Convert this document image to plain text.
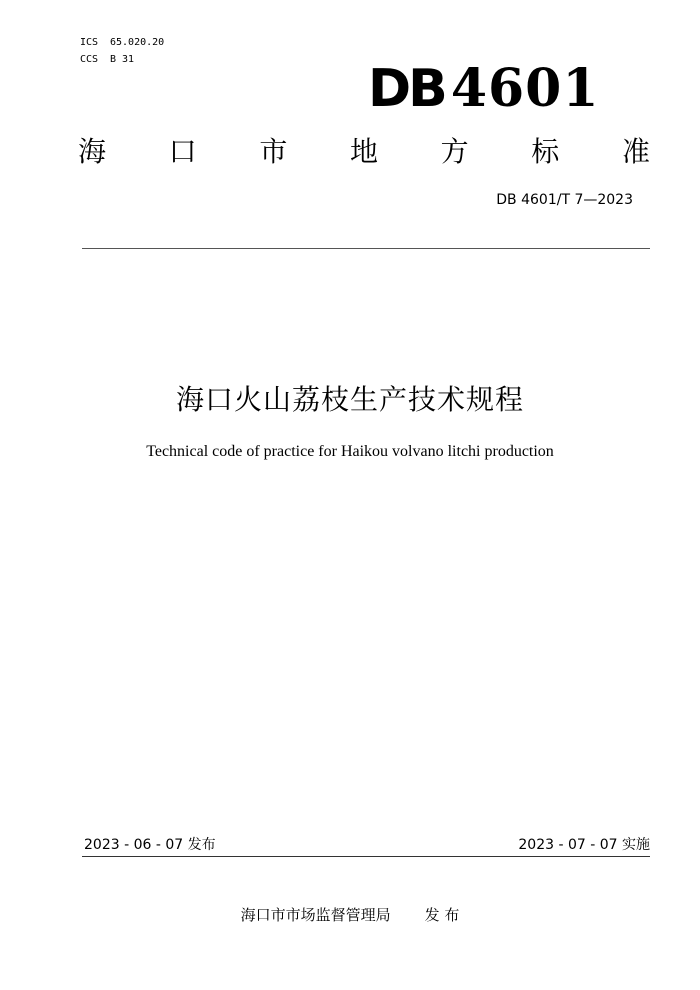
ICS 65.020.20
CCS B 31	DB 4601
海 口 市 地 方 标 准
DB 4601/T 7—2023
海口火山荔枝生产技术规程
Technical code of practice for Haikou volvano litchi production
2023 - 06 - 07 发布	2023 - 07 - 07 实施
海口市市场监督管理局 发 布
